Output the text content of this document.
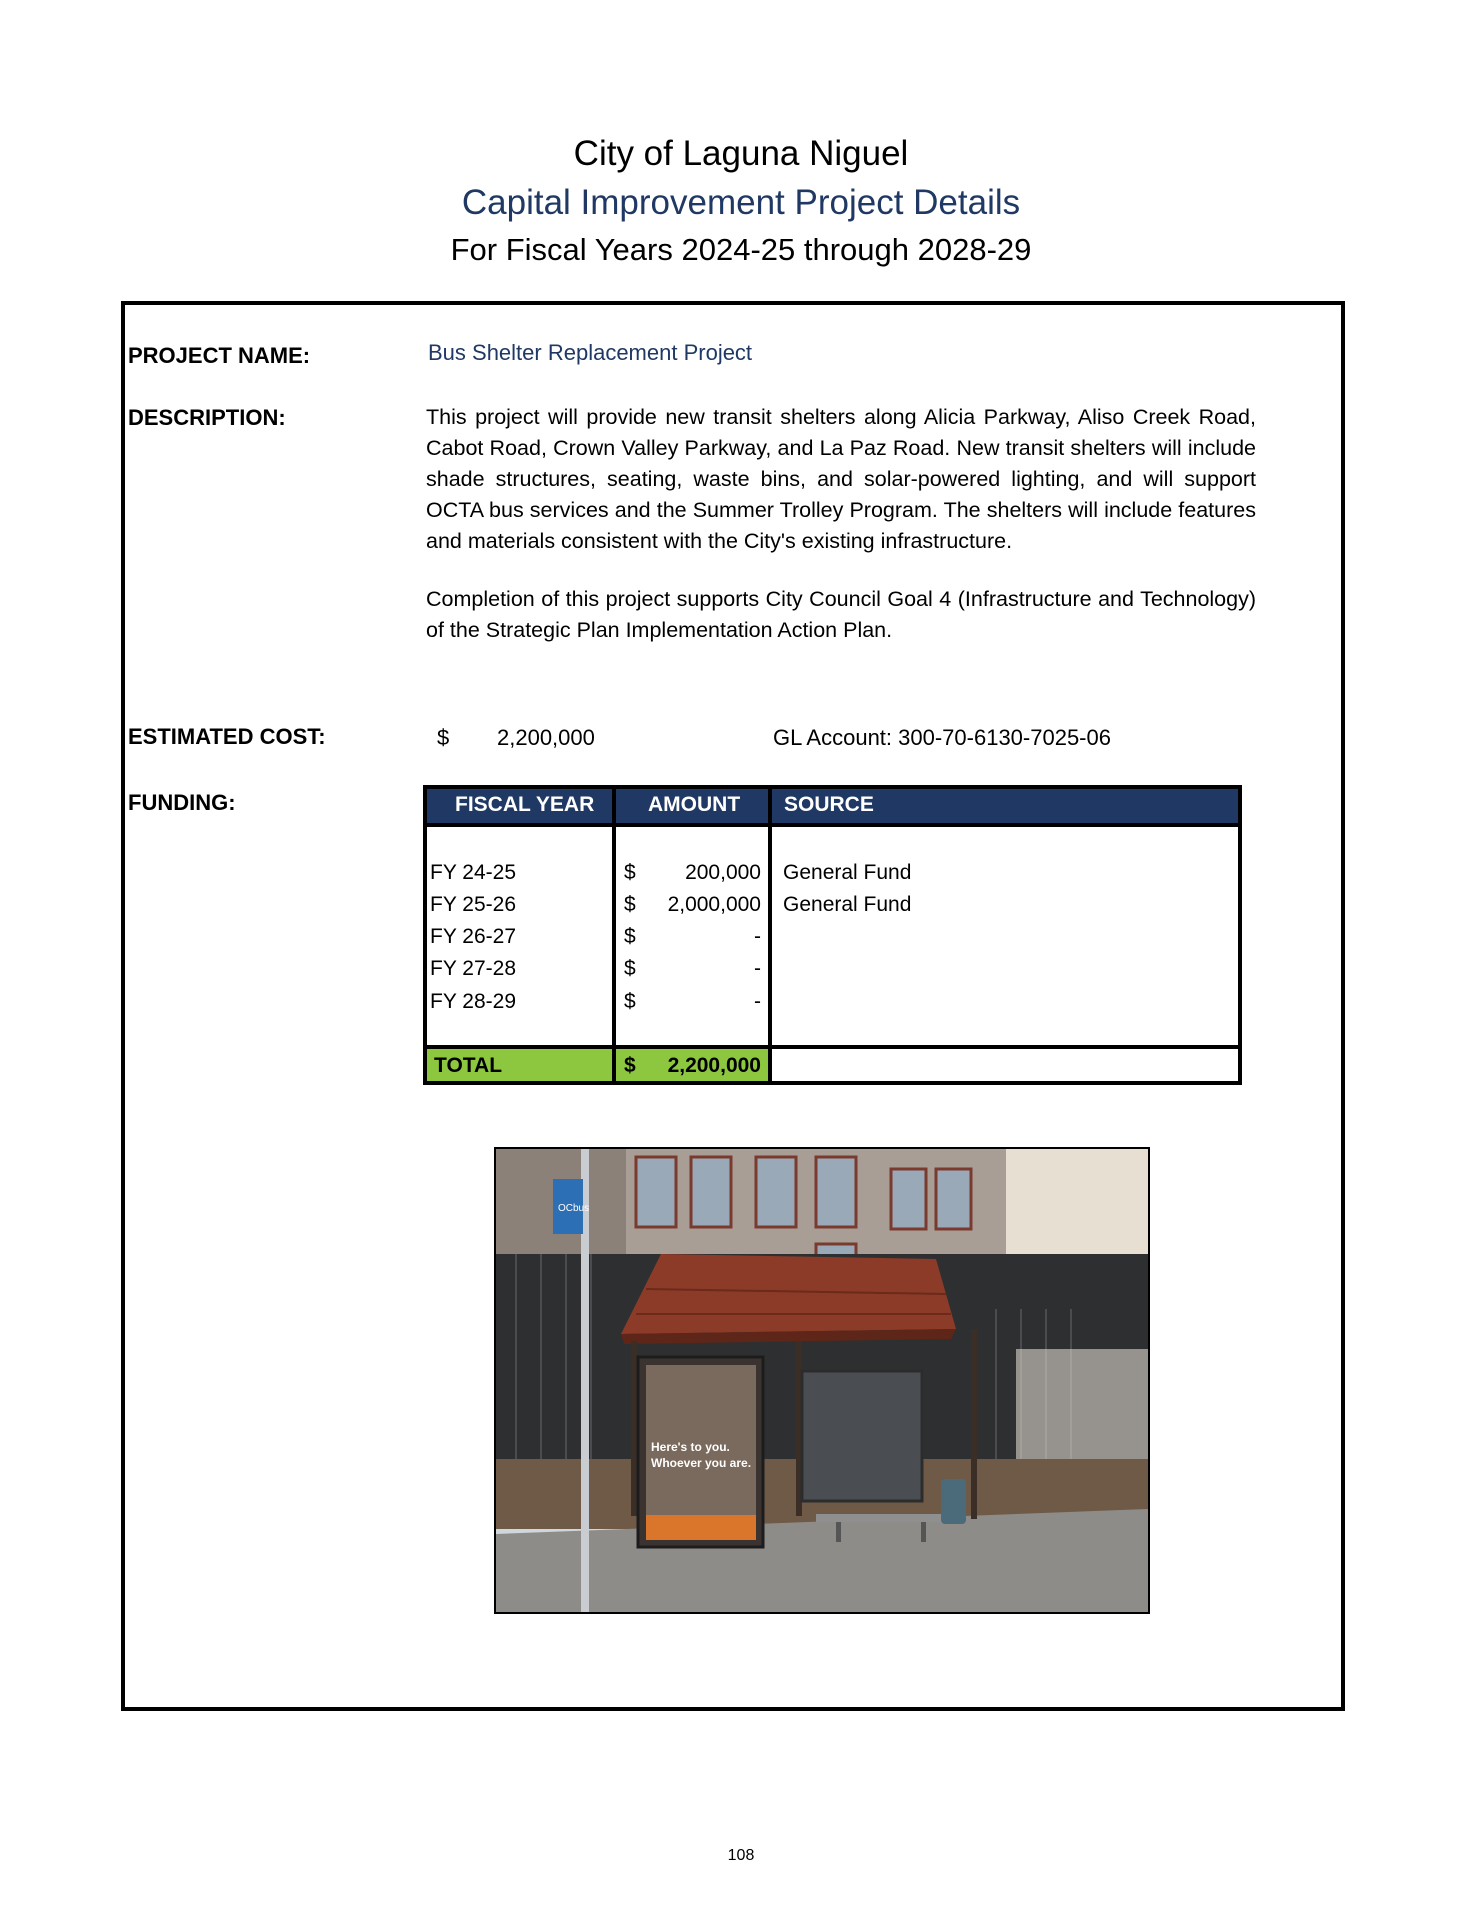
City of Laguna Niguel
Capital Improvement Project Details
For Fiscal Years 2024-25 through 2028-29
PROJECT NAME:	Bus Shelter Replacement Project
DESCRIPTION:	This project will provide new transit shelters along Alicia Parkway, Aliso Creek Road, Cabot Road, Crown Valley Parkway, and La Paz Road. New transit shelters will include shade structures, seating, waste bins, and solar-powered lighting, and will support OCTA bus services and the Summer Trolley Program. The shelters will include features and materials consistent with the City's existing infrastructure.
Completion of this project supports City Council Goal 4 (Infrastructure and Technology) of the Strategic Plan Implementation Action Plan.
ESTIMATED COST:	$ 2,200,000	GL Account: 300-70-6130-7025-06
FUNDING:	FISCAL YEAR	AMOUNT SOURCE
FY 24-25	$	200,000 General Fund
FY 25-26	$	2,000,000 General Fund
FY 26-27	$	-
FY 27-28	$	-
FY 28-29	$	-
TOTAL	$	2,200,000
OCbus
Here's to you.
Whoever you are.
108
